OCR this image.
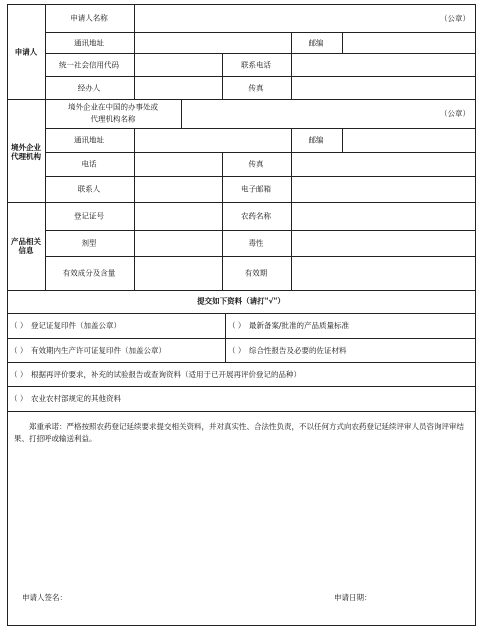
申请人
申请人名称	（公章）
通讯地址	邮编
统一社会信用代码	联系电话
经办人	传真
境外企业代理机构
境外企业在中国的办事处或
代理机构名称
（公章）
通讯地址	邮编
电话	传真
联系人	电子邮箱
产品相关信息
登记证号	农药名称
剂型	毒性
有效成分及含量	有效期
提交如下资料（请打"√"）
（ ） 登记证复印件（加盖公章）	（ ） 最新备案/批准的产品质量标准
（ ） 有效期内生产许可证复印件（加盖公章）	（ ） 综合性报告及必要的佐证材料
（ ） 根据再评价要求，补充的试验报告或查询资料（适用于已开展再评价登记的品种）
（ ） 农业农村部规定的其他资料
郑重承诺：严格按照农药登记延续要求提交相关资料，并对真实性、合法性负责，不以任何方式向农药登记延续评审人员咨询评审结果、打招呼或输送利益。
申请人签名：	申请日期：
